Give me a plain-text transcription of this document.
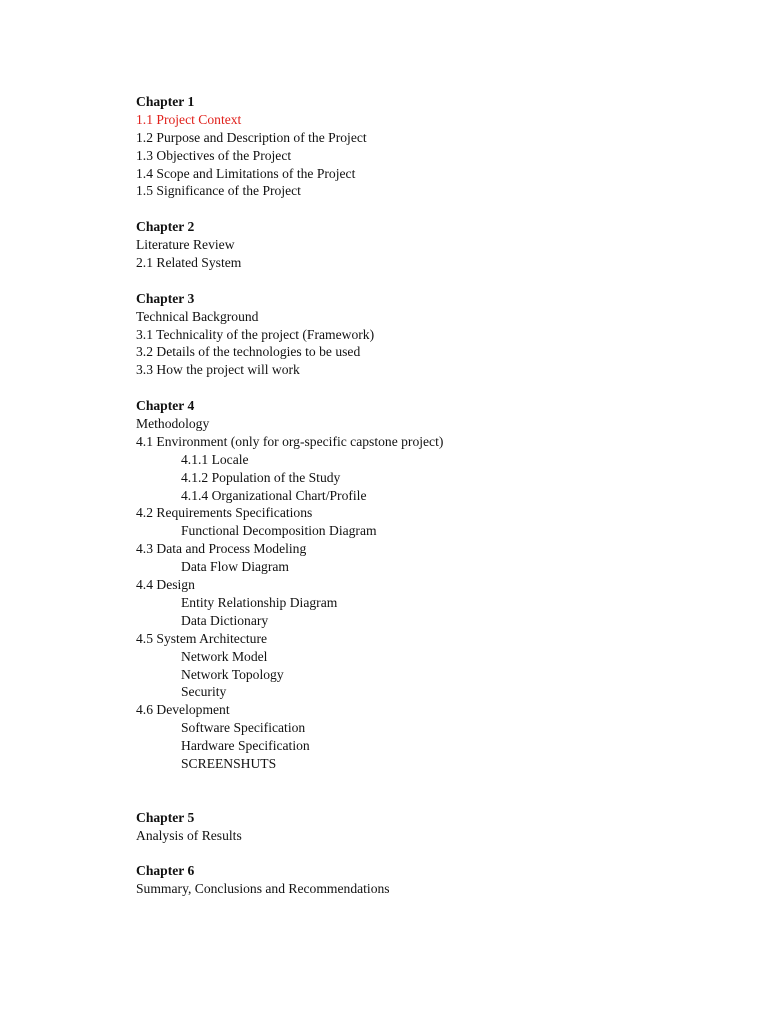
Chapter 1
1.1 Project Context
1.2 Purpose and Description of the Project
1.3 Objectives of the Project
1.4 Scope and Limitations of the Project
1.5 Significance of the Project
Chapter 2
Literature Review
2.1 Related System
Chapter 3
Technical Background
3.1 Technicality of the project (Framework)
3.2 Details of the technologies to be used
3.3 How the project will work
Chapter 4
Methodology
4.1 Environment (only for org-specific capstone project)
4.1.1 Locale
4.1.2 Population of the Study
4.1.4 Organizational Chart/Profile
4.2 Requirements Specifications
Functional Decomposition Diagram
4.3 Data and Process Modeling
Data Flow Diagram
4.4 Design
Entity Relationship Diagram
Data Dictionary
4.5 System Architecture
Network Model
Network Topology
Security
4.6 Development
Software Specification
Hardware Specification
SCREENSHUTS
Chapter 5
Analysis of Results
Chapter 6
Summary, Conclusions and Recommendations
